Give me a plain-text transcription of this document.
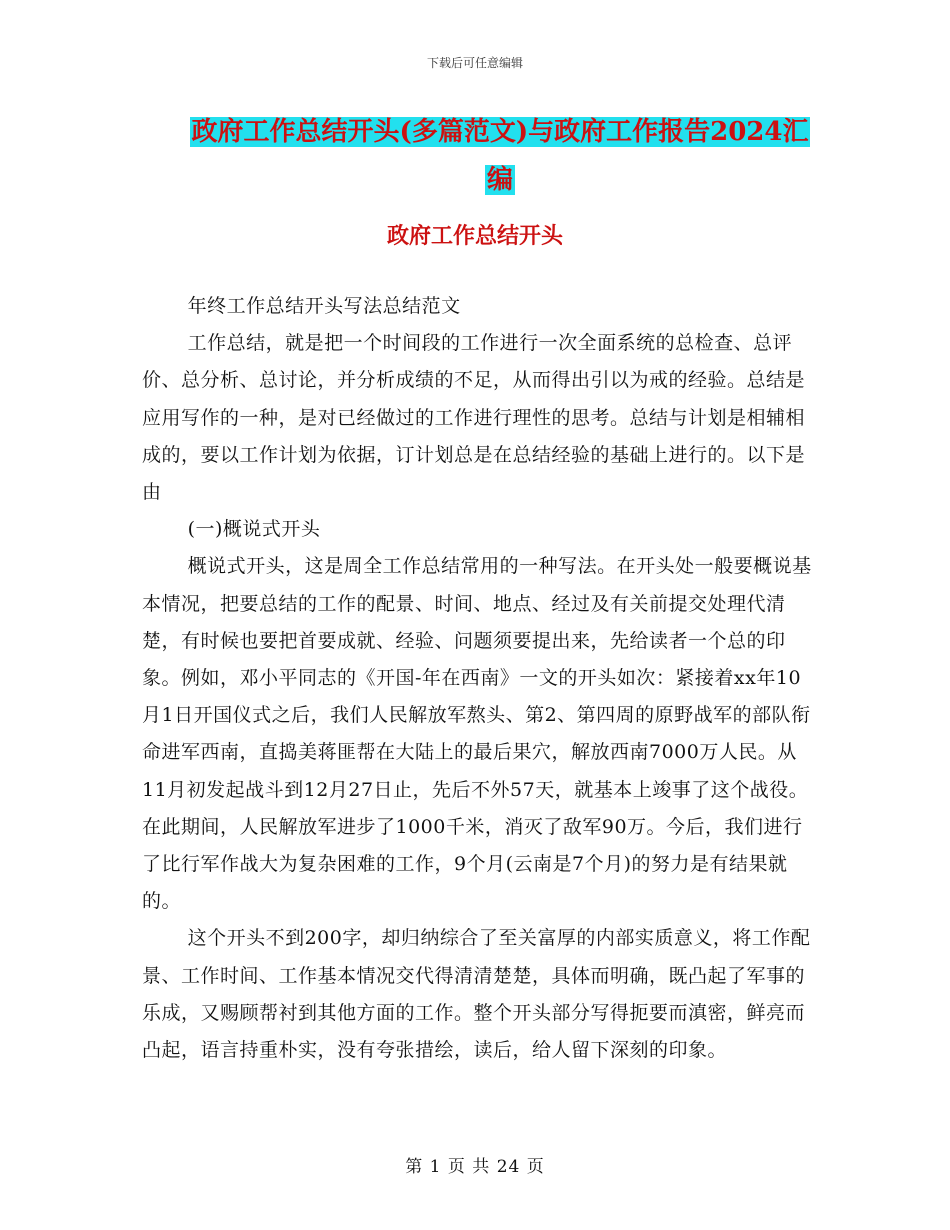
下载后可任意编辑
政府工作总结开头(多篇范文)与政府工作报告2024汇
编
政府工作总结开头

年终工作总结开头写法总结范文

工作总结，就是把一个时间段的工作进行一次全面系统的总检查、总评价、总分析、总讨论，并分析成绩的不足，从而得出引以为戒的经验。总结是应用写作的一种，是对已经做过的工作进行理性的思考。总结与计划是相辅相成的，要以工作计划为依据，订计划总是在总结经验的基础上进行的。以下是由

(一)概说式开头

概说式开头，这是周全工作总结常用的一种写法。在开头处一般要概说基本情况，把要总结的工作的配景、时间、地点、经过及有关前提交处理代清楚，有时候也要把首要成就、经验、问题须要提出来，先给读者一个总的印象。例如，邓小平同志的《开国-年在西南》一文的开头如次：紧接着xx年10月1日开国仪式之后，我们人民解放军熬头、第2、第四周的原野战军的部队衔命进军西南，直捣美蒋匪帮在大陆上的最后果穴，解放西南7000万人民。从11月初发起战斗到12月27日止，先后不外57天，就基本上竣事了这个战役。在此期间，人民解放军进步了1000千米，消灭了敌军90万。今后，我们进行了比行军作战大为复杂困难的工作，9个月(云南是7个月)的努力是有结果就的。

这个开头不到200字，却归纳综合了至关富厚的内部实质意义，将工作配景、工作时间、工作基本情况交代得清清楚楚，具体而明确，既凸起了军事的乐成，又赐顾帮衬到其他方面的工作。整个开头部分写得扼要而滇密，鲜亮而凸起，语言持重朴实，没有夸张措绘，读后，给人留下深刻的印象。

第 1 页 共 24 页
